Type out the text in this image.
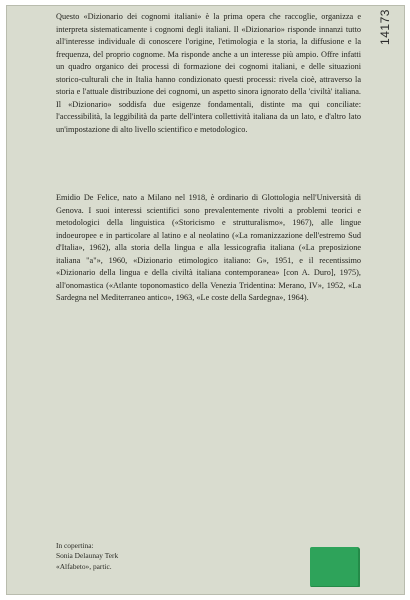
14173

Questo «Dizionario dei cognomi italiani» è la prima opera che raccoglie, organizza e interpreta sistematicamente i cognomi degli italiani. Il «Dizionario» risponde innanzi tutto all'interesse individuale di conoscere l'origine, l'etimologia e la storia, la diffusione e la frequenza, del proprio cognome. Ma risponde anche a un interesse più ampio. Offre infatti un quadro organico dei processi di formazione dei cognomi italiani, e delle situazioni storico-culturali che in Italia hanno condizionato questi processi: rivela cioè, attraverso la storia e l'attuale distribuzione dei cognomi, un aspetto sinora ignorato della 'civiltà' italiana. Il «Dizionario» soddisfa due esigenze fondamentali, distinte ma qui conciliate: l'accessibilità, la leggibilità da parte dell'intera collettività italiana da un lato, e d'altro lato un'impostazione di alto livello scientifico e metodologico.

Emidio De Felice, nato a Milano nel 1918, è ordinario di Glottologia nell'Università di Genova. I suoi interessi scientifici sono prevalentemente rivolti a problemi teorici e metodologici della linguistica («Storicismo e strutturalismo», 1967), alle lingue indoeuropee e in particolare al latino e al neolatino («La romanizzazione dell'estremo Sud d'Italia», 1962), alla storia della lingua e alla lessicografia italiana («La preposizione italiana "a"», 1960, «Dizionario etimologico italiano: G», 1951, e il recentissimo «Dizionario della lingua e della civiltà italiana contemporanea» [con A. Duro], 1975), all'onomastica («Atlante toponomastico della Venezia Tridentina: Merano, IV», 1952, «La Sardegna nel Mediterraneo antico», 1963, «Le coste della Sardegna», 1964).

In copertina:
Sonia Delaunay Terk
«Alfabeto», partic.
